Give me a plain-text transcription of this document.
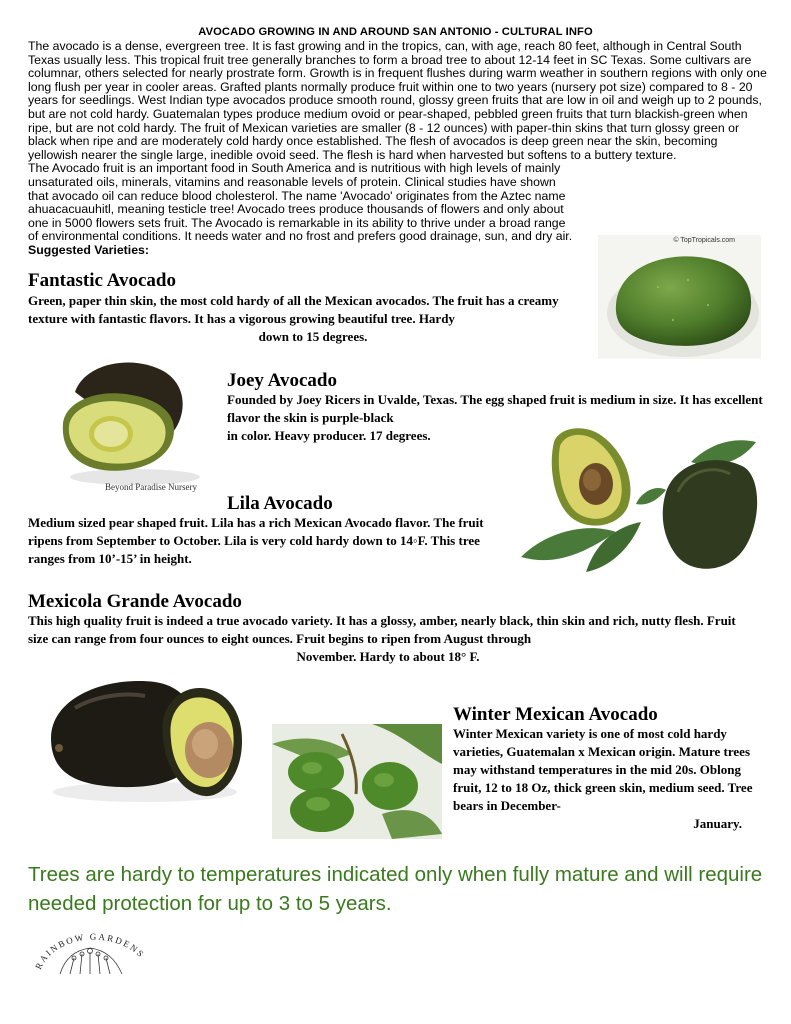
AVOCADO GROWING IN AND AROUND SAN ANTONIO - CULTURAL INFO

The avocado is a dense, evergreen tree. It is fast growing and in the tropics, can, with age, reach 80 feet, although in Central South Texas usually less. This tropical fruit tree generally branches to form a broad tree to about 12-14 feet in SC Texas. Some cultivars are columnar, others selected for nearly prostrate form. Growth is in frequent flushes during warm weather in southern regions with only one long flush per year in cooler areas. Grafted plants normally produce fruit within one to two years (nursery pot size) compared to 8 - 20 years for seedlings. West Indian type avocados produce smooth round, glossy green fruits that are low in oil and weigh up to 2 pounds, but are not cold hardy. Guatemalan types produce medium ovoid or pear-shaped, pebbled green fruits that turn blackish-green when ripe, but are not cold hardy. The fruit of Mexican varieties are smaller (8 - 12 ounces) with paper-thin skins that turn glossy green or black when ripe and are moderately cold hardy once established. The flesh of avocados is deep green near the skin, becoming yellowish nearer the single large, inedible ovoid seed. The flesh is hard when harvested but softens to a buttery texture.

The Avocado fruit is an important food in South America and is nutritious with high levels of mainly unsaturated oils, minerals, vitamins and reasonable levels of protein. Clinical studies have shown that avocado oil can reduce blood cholesterol. The name 'Avocado' originates from the Aztec name ahuacacuauhitl, meaning testicle tree! Avocado trees produce thousands of flowers and only about one in 5000 flowers sets fruit. The Avocado is remarkable in its ability to thrive under a broad range of environmental conditions. It needs water and no frost and prefers good drainage, sun, and dry air. Suggested Varieties:

© TopTropicals.com
Fantastic Avocado
Green, paper thin skin, the most cold hardy of all the Mexican avocados. The fruit has a creamy texture with fantastic flavors. It has a vigorous growing beautiful tree. Hardy
down to 15 degrees.
Beyond Paradise Nursery
Joey Avocado
Founded by Joey Ricers in Uvalde, Texas. The egg shaped fruit is medium in size. It has excellent flavor the skin is purple-black
in color. Heavy producer. 17 degrees.
Lila Avocado
Medium sized pear shaped fruit. Lila has a rich Mexican Avocado flavor. The fruit ripens from September to October. Lila is very cold hardy down to 14◦F. This tree ranges from 10’-15’ in height.
Mexicola Grande Avocado
This high quality fruit is indeed a true avocado variety. It has a glossy, amber, nearly black, thin skin and rich, nutty flesh. Fruit size can range from four ounces to eight ounces. Fruit begins to ripen from August through
November. Hardy to about 18° F.
Winter Mexican Avocado
Winter Mexican variety is one of most cold hardy varieties, Guatemalan x Mexican origin. Mature trees may withstand temperatures in the mid 20s. Oblong fruit, 12 to 18 Oz, thick green skin, medium seed. Tree bears in December-
January.
Trees are hardy to temperatures indicated only when fully mature and will require needed protection for up to 3 to 5 years.
RAINBOW GARDENS
